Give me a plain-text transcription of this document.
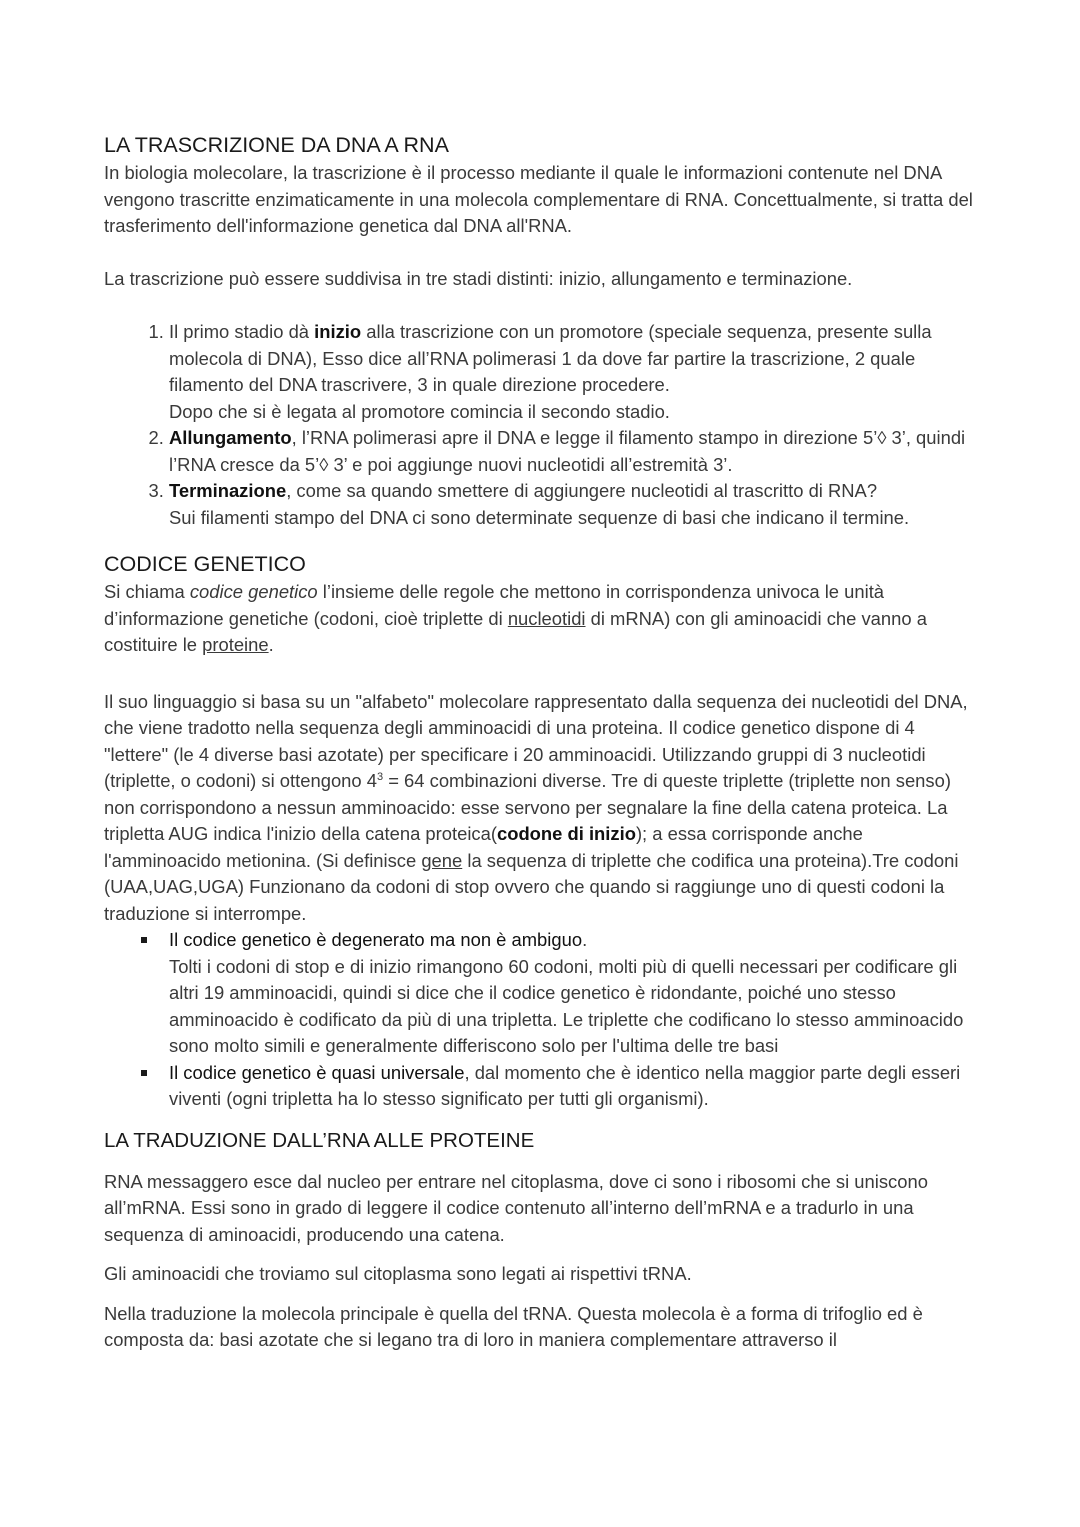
LA TRASCRIZIONE DA DNA A RNA

In biologia molecolare, la trascrizione è il processo mediante il quale le informazioni contenute nel DNA vengono trascritte enzimaticamente in una molecola complementare di RNA. Concettualmente, si tratta del trasferimento dell'informazione genetica dal DNA all'RNA.

La trascrizione può essere suddivisa in tre stadi distinti: inizio, allungamento e terminazione.

1. Il primo stadio dà inizio alla trascrizione con un promotore (speciale sequenza, presente sulla molecola di DNA), Esso dice all’RNA polimerasi 1 da dove far partire la trascrizione, 2 quale filamento del DNA trascrivere, 3 in quale direzione procedere.
Dopo che si è legata al promotore comincia il secondo stadio.
2. Allungamento, l’RNA polimerasi apre il DNA e legge il filamento stampo in direzione 5’◊ 3’, quindi l’RNA cresce da 5’◊ 3’ e poi aggiunge nuovi nucleotidi all’estremità 3’.
3. Terminazione, come sa quando smettere di aggiungere nucleotidi al trascritto di RNA?
Sui filamenti stampo del DNA ci sono determinate sequenze di basi che indicano il termine.
CODICE GENETICO

Si chiama codice genetico l’insieme delle regole che mettono in corrispondenza univoca le unità d’informazione genetiche (codoni, cioè triplette di nucleotidi di mRNA) con gli aminoacidi che vanno a costituire le proteine.

Il suo linguaggio si basa su un "alfabeto" molecolare rappresentato dalla sequenza dei nucleotidi del DNA, che viene tradotto nella sequenza degli amminoacidi di una proteina. Il codice genetico dispone di 4 "lettere" (le 4 diverse basi azotate) per specificare i 20 amminoacidi. Utilizzando gruppi di 3 nucleotidi (triplette, o codoni) si ottengono $4^3 = 64$ combinazioni diverse. Tre di queste triplette (triplette non senso) non corrispondono a nessun amminoacido: esse servono per segnalare la fine della catena proteica. La tripletta AUG indica l'inizio della catena proteica(codone di inizio); a essa corrisponde anche l'amminoacido metionina. (Si definisce gene la sequenza di triplette che codifica una proteina).Tre codoni (UAA,UAG,UGA) Funzionano da codoni di stop ovvero che quando si raggiunge uno di questi codoni la traduzione si interrompe.

Il codice genetico è degenerato ma non è ambiguo.
Tolti i codoni di stop e di inizio rimangono 60 codoni, molti più di quelli necessari per codificare gli altri 19 amminoacidi, quindi si dice che il codice genetico è ridondante, poiché uno stesso amminoacido è codificato da più di una tripletta. Le triplette che codificano lo stesso amminoacido sono molto simili e generalmente differiscono solo per l'ultima delle tre basi
Il codice genetico è quasi universale, dal momento che è identico nella maggior parte degli esseri viventi (ogni tripletta ha lo stesso significato per tutti gli organismi).
LA TRADUZIONE DALL’RNA ALLE PROTEINE

RNA messaggero esce dal nucleo per entrare nel citoplasma, dove ci sono i ribosomi che si uniscono all’mRNA. Essi sono in grado di leggere il codice contenuto all’interno dell’mRNA e a tradurlo in una sequenza di aminoacidi, producendo una catena.

Gli aminoacidi che troviamo sul citoplasma sono legati ai rispettivi tRNA.

Nella traduzione la molecola principale è quella del tRNA. Questa molecola è a forma di trifoglio ed è composta da: basi azotate che si legano tra di loro in maniera complementare attraverso il
